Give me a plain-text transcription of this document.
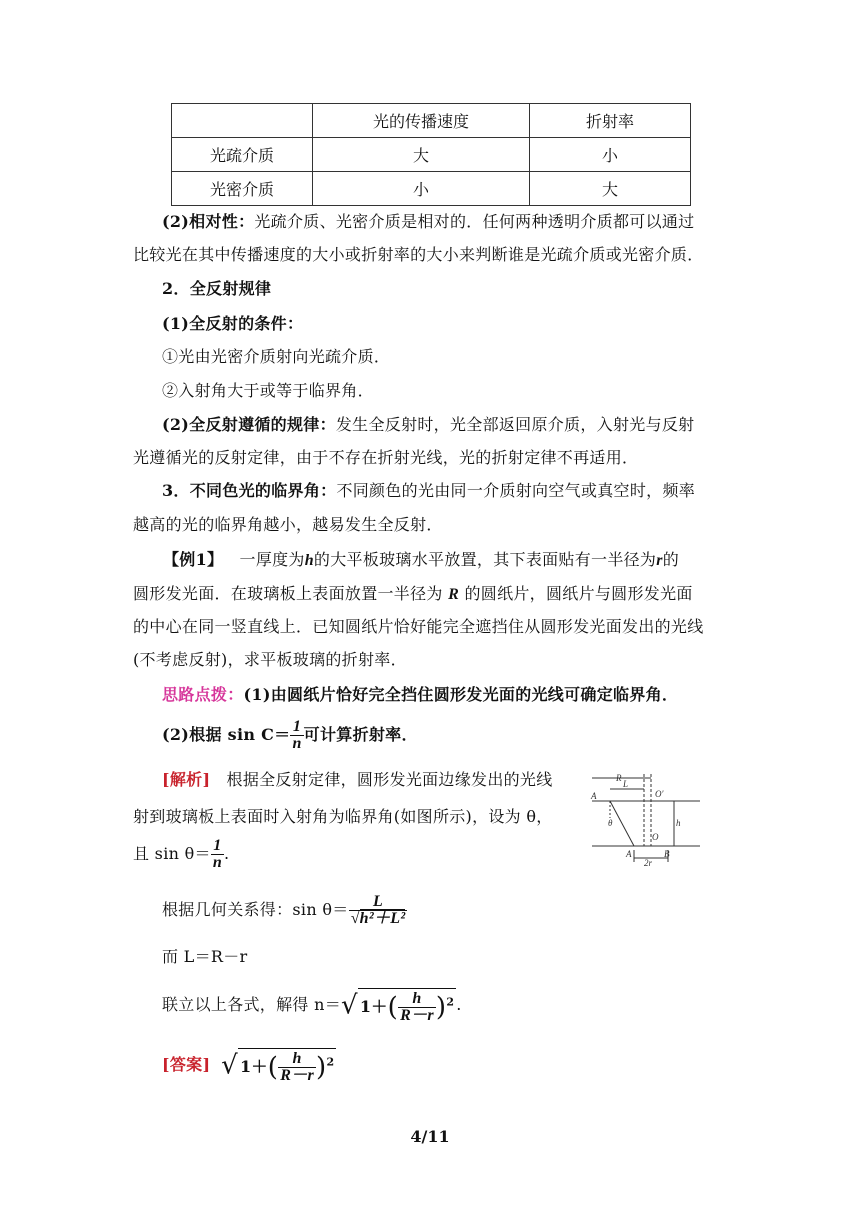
	光的传播速度	折射率
光疏介质	大	小
光密介质	小	大
(2)相对性：光疏介质、光密介质是相对的．任何两种透明介质都可以通过
比较光在其中传播速度的大小或折射率的大小来判断谁是光疏介质或光密介质．
2．全反射规律
(1)全反射的条件：
①光由光密介质射向光疏介质．
②入射角大于或等于临界角．
(2)全反射遵循的规律：发生全反射时，光全部返回原介质，入射光与反射
光遵循光的反射定律，由于不存在折射光线，光的折射定律不再适用．
3．不同色光的临界角：不同颜色的光由同一介质射向空气或真空时，频率
越高的光的临界角越小，越易发生全反射．
【例1】 一厚度为h的大平板玻璃水平放置，其下表面贴有一半径为r的
圆形发光面．在玻璃板上表面放置一半径为 R 的圆纸片，圆纸片与圆形发光面
的中心在同一竖直线上．已知圆纸片恰好能完全遮挡住从圆形发光面发出的光线
(不考虑反射)，求平板玻璃的折射率．
思路点拨：(1)由圆纸片恰好完全挡住圆形发光面的光线可确定临界角．
(2)根据 $\sin C= \frac{1}{n}$ 可计算折射率．
[解析] 根据全反射定律，圆形发光面边缘发出的光线
射到玻璃板上表面时入射角为临界角(如图所示)，设为 θ，
且 $\sin \theta= \frac{1}{n}$ .
根据几何关系得：$\sin \theta= \frac{L}{\text{√h²＋L²}}$
而 L＝R－r
联立以上各式，解得 n＝√ $1+( \frac{h}{R-r} )^2$ .
[答案] √ $1+( \frac{h}{R-r} )^2$
R
L
O′
A
θ	h
O
A	B
2r
4/11
